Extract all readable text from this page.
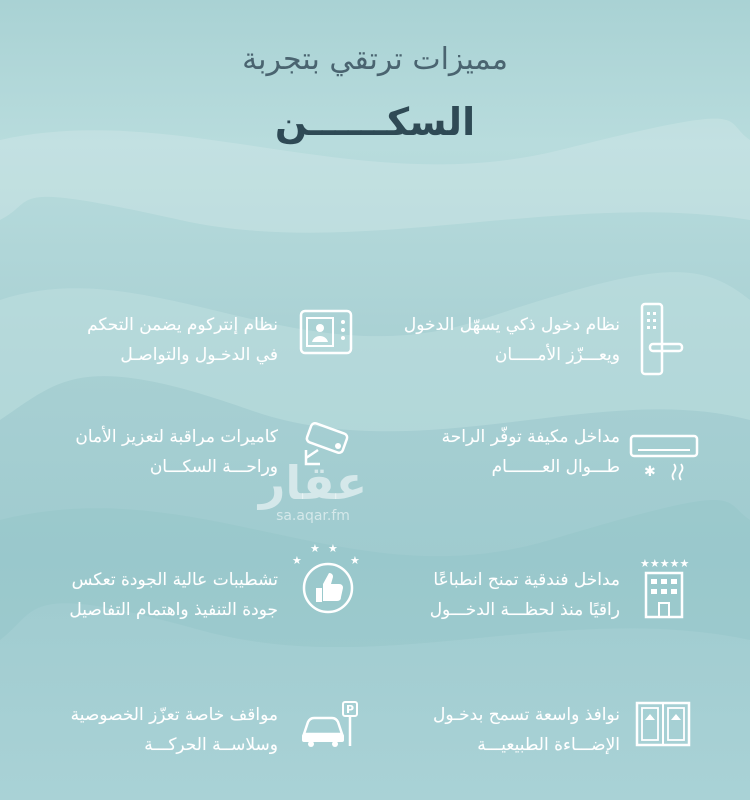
مميزات ترتقي بتجربة
السكــــــن
نظام دخول ذكي يسهّل الدخول
ويعـــزّز الأمـــــان
نظام إنتركوم يضمن التحكم
في الدخـول والتواصـل
✱
مداخل مكيفة توفّر الراحة
طـــوال العـــــــام
كاميرات مراقبة لتعزيز الأمان
وراحـــة السكـــان
عقار
sa.aqar.fm
★★★★★
مداخل فندقية تمنح انطباعًا
راقيًا منذ لحظـــة الدخـــول
★
★ ★
★
تشطيبات عالية الجودة تعكس
جودة التنفيذ واهتمام التفاصيل
نوافذ واسعة تسمح بدخـول
الإضـــاءة الطبيعيـــة
P
مواقف خاصة تعزّز الخصوصية
وسلاســة الحركـــة
